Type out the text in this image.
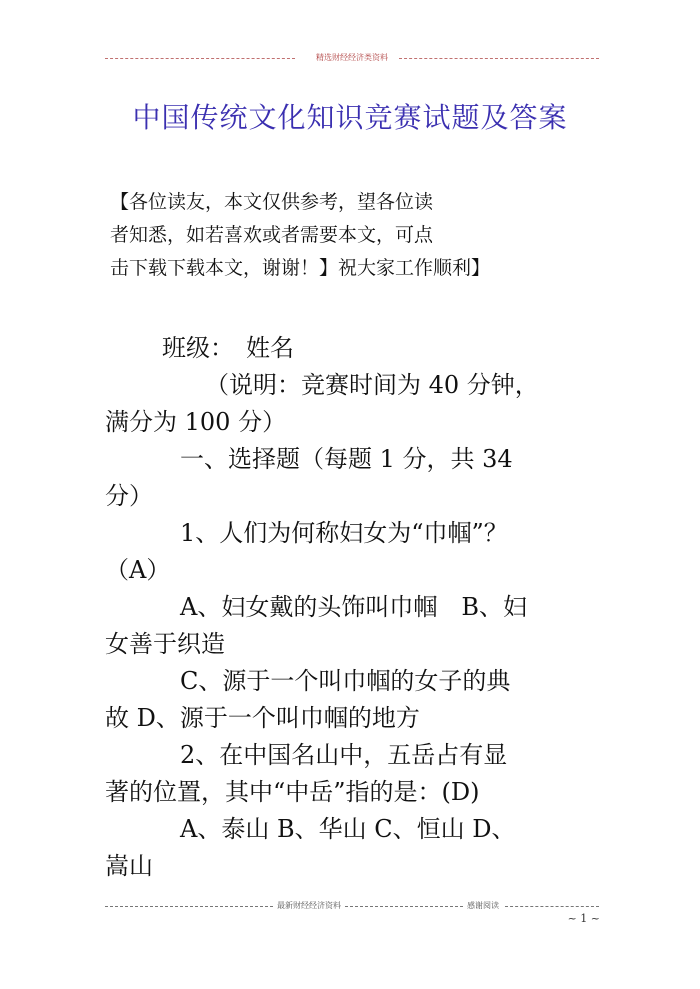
精选财经经济类资料
中国传统文化知识竞赛试题及答案
【各位读友，本文仅供参考，望各位读
者知悉，如若喜欢或者需要本文，可点
击下载下载本文，谢谢！】祝大家工作顺利】
班级：　姓名
（说明：竞赛时间为 40 分钟，
满分为 100 分）
一、选择题（每题 1 分，共 34
分）
1、人们为何称妇女为“巾帼”？
（A）
A、妇女戴的头饰叫巾帼　B、妇
女善于织造
C、源于一个叫巾帼的女子的典
故 D、源于一个叫巾帼的地方
2、在中国名山中，五岳占有显
著的位置，其中“中岳”指的是：(D)
A、泰山 B、华山 C、恒山 D、
嵩山
最新财经经济资料	感谢阅读
~ 1 ~
